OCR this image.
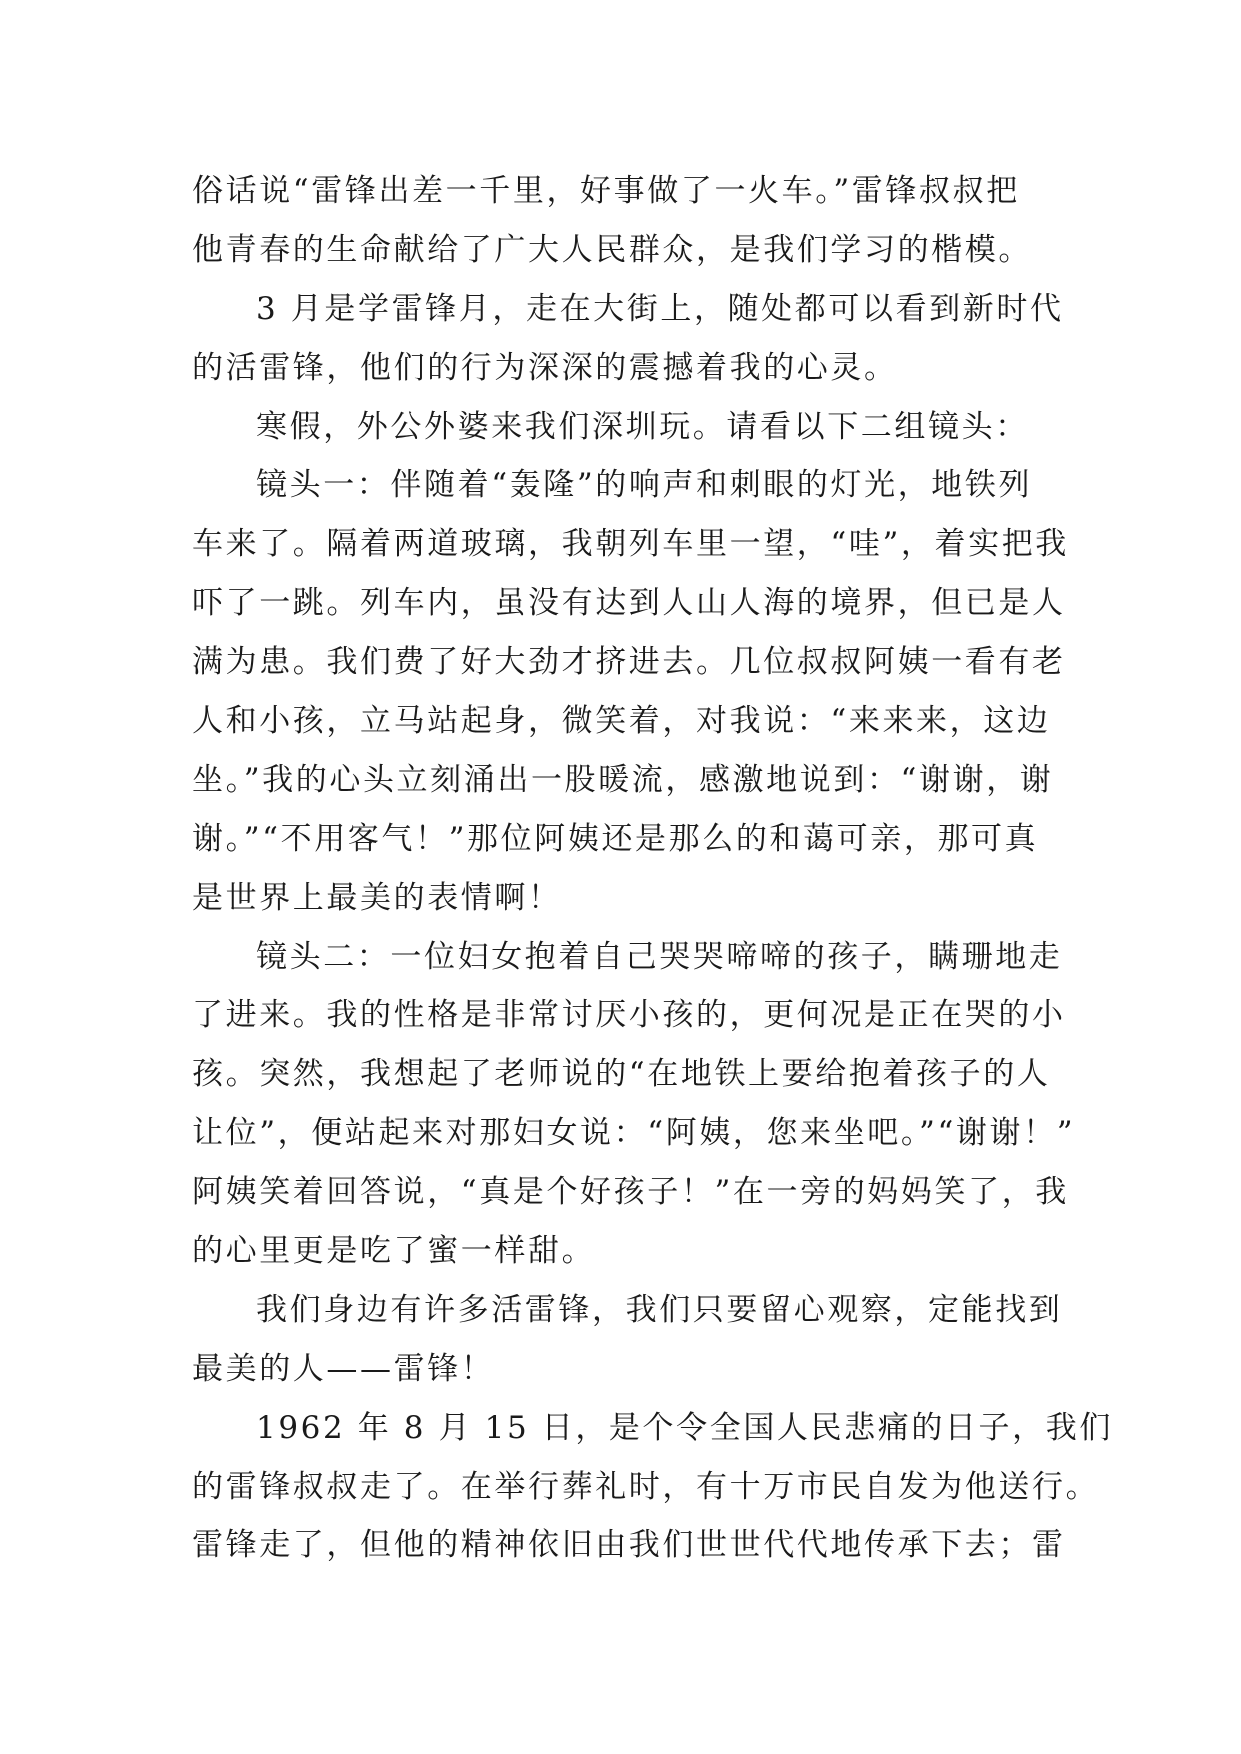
俗话说“雷锋出差一千里，好事做了一火车。”雷锋叔叔把
他青春的生命献给了广大人民群众，是我们学习的楷模。
3 月是学雷锋月，走在大街上，随处都可以看到新时代
的活雷锋，他们的行为深深的震撼着我的心灵。
寒假，外公外婆来我们深圳玩。请看以下二组镜头：
镜头一：伴随着“轰隆”的响声和刺眼的灯光，地铁列
车来了。隔着两道玻璃，我朝列车里一望，“哇”，着实把我
吓了一跳。列车内，虽没有达到人山人海的境界，但已是人
满为患。我们费了好大劲才挤进去。几位叔叔阿姨一看有老
人和小孩，立马站起身，微笑着，对我说：“来来来，这边
坐。”我的心头立刻涌出一股暖流，感激地说到：“谢谢，谢
谢。”“不用客气！”那位阿姨还是那么的和蔼可亲，那可真
是世界上最美的表情啊！
镜头二：一位妇女抱着自己哭哭啼啼的孩子，瞒珊地走
了进来。我的性格是非常讨厌小孩的，更何况是正在哭的小
孩。突然，我想起了老师说的“在地铁上要给抱着孩子的人
让位”，便站起来对那妇女说：“阿姨，您来坐吧。”“谢谢！”
阿姨笑着回答说，“真是个好孩子！”在一旁的妈妈笑了，我
的心里更是吃了蜜一样甜。
我们身边有许多活雷锋，我们只要留心观察，定能找到
最美的人——雷锋！
1962 年 8 月 15 日，是个令全国人民悲痛的日子，我们
的雷锋叔叔走了。在举行葬礼时，有十万市民自发为他送行。
雷锋走了，但他的精神依旧由我们世世代代地传承下去；雷
